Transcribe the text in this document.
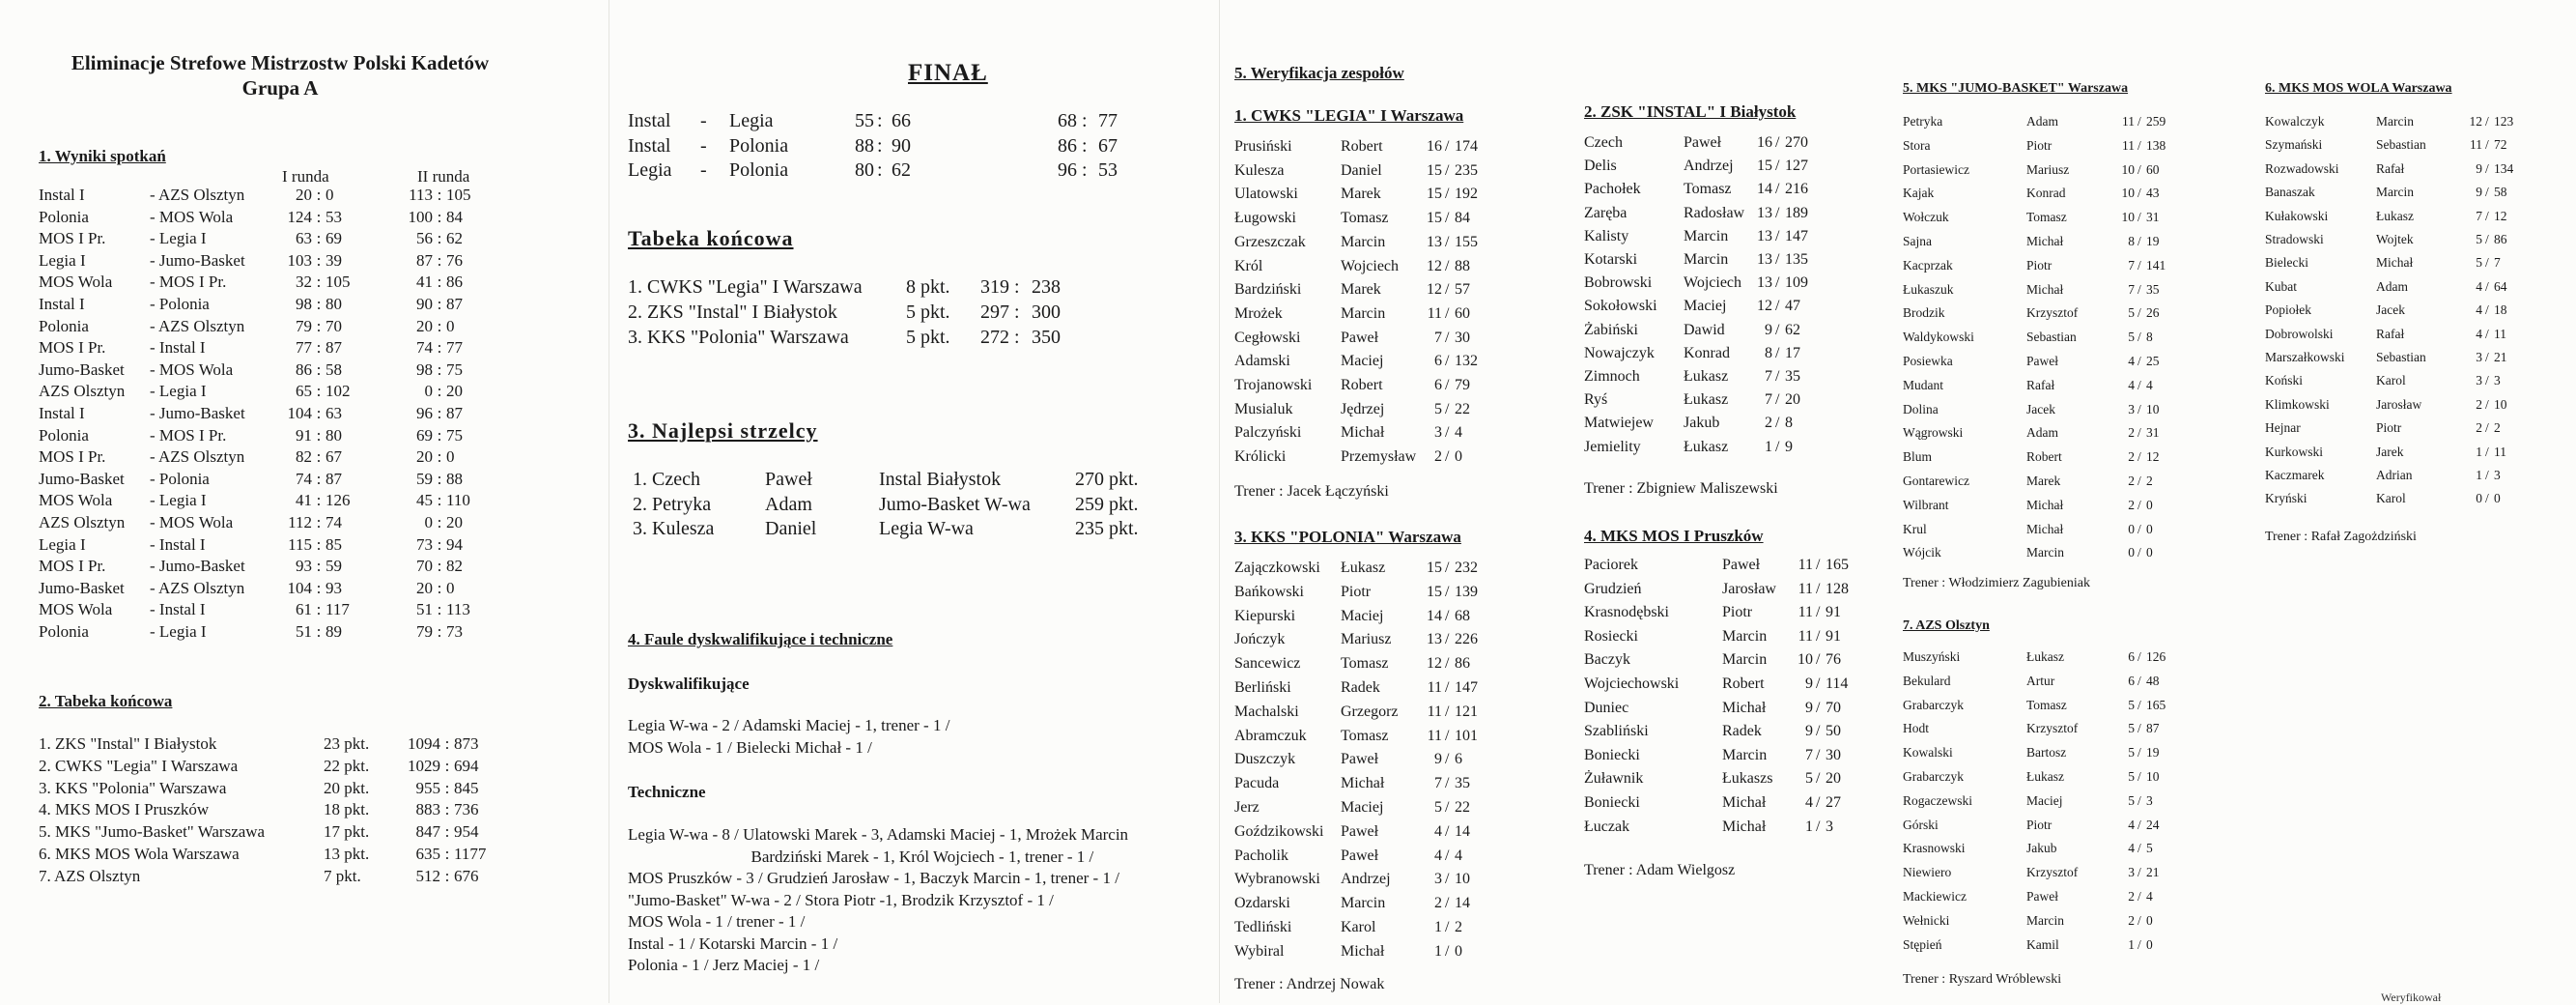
Eliminacje Strefowe Mistrzostw Polski Kadetów
Grupa A
1. Wyniki spotkań
I runda	II runda
Instal I	- AZS Olsztyn	20 : 0	113 : 105
Polonia	- MOS Wola	124 : 53	100 : 84
MOS I Pr.	- Legia I	63 : 69	56 : 62
Legia I	- Jumo-Basket	103 : 39	87 : 76
MOS Wola - MOS I Pr.	32 : 105	41 : 86
Instal I	- Polonia	98 : 80	90 : 87
Polonia	- AZS Olsztyn	79 : 70	20 : 0
MOS I Pr.	- Instal I	77 : 87	74 : 77
Jumo-Basket - MOS Wola	86 : 58	98 : 75
AZS Olsztyn - Legia I	65 : 102	0 : 20
Instal I	- Jumo-Basket	104 : 63	96 : 87
Polonia	- MOS I Pr.	91 : 80	69 : 75
MOS I Pr.	- AZS Olsztyn	82 : 67	20 : 0
Jumo-Basket - Polonia	74 : 87	59 : 88
MOS Wola - Legia I	41 : 126	45 : 110
AZS Olsztyn - MOS Wola	112 : 74	0 : 20
Legia I	- Instal I	115 : 85	73 : 94
MOS I Pr.	- Jumo-Basket	93 : 59	70 : 82
Jumo-Basket - AZS Olsztyn	104 : 93	20 : 0
MOS Wola - Instal I	61 : 117	51 : 113
Polonia	- Legia I	51 : 89	79 : 73
2. Tabeka końcowa
1. ZKS "Instal" I Białystok	23 pkt.	1094 : 873
2. CWKS "Legia" I Warszawa	22 pkt.	1029 : 694
3. KKS "Polonia" Warszawa	20 pkt.	955 : 845
4. MKS MOS I Pruszków	18 pkt.	883 : 736
5. MKS "Jumo-Basket" Warszawa	17 pkt.	847 : 954
6. MKS MOS Wola Warszawa	13 pkt.	635 : 1177
7. AZS Olsztyn	7 pkt.	512 : 676
FINAŁ
Instal - Legia	55 : 66	68 : 77
Instal - Polonia	88 : 90	86 : 67
Legia - Polonia	80 : 62	96 : 53
Tabeka końcowa
1. CWKS "Legia" I Warszawa 8 pkt.	319 : 238
2. ZKS "Instal" I Białystok	5 pkt.	297 : 300
3. KKS "Polonia" Warszawa	5 pkt.	272 : 350
3. Najlepsi strzelcy
1. Czech	Paweł	Instal Białystok	270 pkt.
2. Petryka	Adam	Jumo-Basket W-wa 259 pkt.
3. Kulesza	Daniel	Legia W-wa	235 pkt.
4. Faule dyskwalifikujące i techniczne
Dyskwalifikujące
Legia W-wa - 2 / Adamski Maciej - 1, trener - 1 /
MOS Wola - 1 / Bielecki Michał - 1 /
Techniczne
Legia W-wa - 8 / Ulatowski Marek - 3, Adamski Maciej - 1, Mrożek Marcin
Bardziński Marek - 1, Król Wojciech - 1, trener - 1 /
MOS Pruszków - 3 / Grudzień Jarosław - 1, Baczyk Marcin - 1, trener - 1 /
"Jumo-Basket" W-wa - 2 / Stora Piotr -1, Brodzik Krzysztof - 1 /
MOS Wola - 1 / trener - 1 /
Instal - 1 / Kotarski Marcin - 1 /
Polonia - 1 / Jerz Maciej - 1 /
5. Weryfikacja zespołów
1. CWKS "LEGIA" I Warszawa
Prusiński	Robert	16 / 174
Kulesza	Daniel	15 / 235
Ulatowski	Marek	15 / 192
Ługowski	Tomasz	15 / 84
Grzeszczak Marcin	13 / 155
Król	Wojciech	12 / 88
Bardziński	Marek	12 / 57
Mrożek	Marcin	11 / 60
Cegłowski	Paweł	7 / 30
Adamski	Maciej	6 / 132
Trojanowski Robert	6 / 79
Musialuk	Jędrzej	5 / 22
Palczyński	Michał	3 / 4
Królicki	Przemysław	2 / 0
Trener : Jacek Łączyński
3. KKS "POLONIA" Warszawa
Zajączkowski Łukasz	15 / 232
Bańkowski Piotr	15 / 139
Kiepurski	Maciej	14 / 68
Jończyk	Mariusz	13 / 226
Sancewicz	Tomasz	12 / 86
Berliński	Radek	11 / 147
Machalski	Grzegorz	11 / 121
Abramczuk Tomasz	11 / 101
Duszczyk	Paweł	9 / 6
Pacuda	Michał	7 / 35
Jerz	Maciej	5 / 22
Goździkowski Paweł	4 / 14
Pacholik	Paweł	4 / 4
Wybranowski Andrzej	3 / 10
Ozdarski	Marcin	2 / 14
Tedliński	Karol	1 / 2
Wybiral	Michał	1 / 0
Trener : Andrzej Nowak
2. ZSK "INSTAL" I Białystok
Czech	Paweł	16 / 270
Delis	Andrzej	15 / 127
Pachołek	Tomasz	14 / 216
Zaręba	Radosław 13 / 189
Kalisty	Marcin	13 / 147
Kotarski	Marcin	13 / 135
Bobrowski Wojciech 13 / 109
Sokołowski Maciej	12 / 47
Żabiński	Dawid	9 / 62
Nowajczyk Konrad	8 / 17
Zimnoch	Łukasz	7 / 35
Ryś	Łukasz	7 / 20
Matwiejew Jakub	2 / 8
Jemielity	Łukasz	1 / 9
Trener : Zbigniew Maliszewski
4. MKS MOS I Pruszków
Paciorek	Paweł	11 / 165
Grudzień	Jarosław	11 / 128
Krasnodębski	Piotr	11 / 91
Rosiecki	Marcin	11 / 91
Baczyk	Marcin	10 / 76
Wojciechowski	Robert	9 / 114
Duniec	Michał	9 / 70
Szabliński	Radek	9 / 50
Boniecki	Marcin	7 / 30
Żuławnik	Łukaszs	5 / 20
Boniecki	Michał	4 / 27
Łuczak	Michał	1 / 3
Trener : Adam Wielgosz
5. MKS "JUMO-BASKET" Warszawa
Petryka	Adam	11 / 259
Stora	Piotr	11 / 138
Portasiewicz	Mariusz	10 / 60
Kajak	Konrad	10 / 43
Wołczuk	Tomasz	10 / 31
Sajna	Michał	8 / 19
Kacprzak	Piotr	7 / 141
Łukaszuk	Michał	7 / 35
Brodzik	Krzysztof	5 / 26
Waldykowski	Sebastian	5 / 8
Posiewka	Paweł	4 / 25
Mudant	Rafał	4 / 4
Dolina	Jacek	3 / 10
Wągrowski	Adam	2 / 31
Blum	Robert	2 / 12
Gontarewicz	Marek	2 / 2
Wilbrant	Michał	2 / 0
Krul	Michał	0 / 0
Wójcik	Marcin	0 / 0
Trener : Włodzimierz Zagubieniak
7. AZS Olsztyn
Muszyński	Łukasz	6 / 126
Bekulard	Artur	6 / 48
Grabarczyk	Tomasz	5 / 165
Hodt	Krzysztof	5 / 87
Kowalski	Bartosz	5 / 19
Grabarczyk	Łukasz	5 / 10
Rogaczewski	Maciej	5 / 3
Górski	Piotr	4 / 24
Krasnowski	Jakub	4 / 5
Niewiero	Krzysztof	3 / 21
Mackiewicz	Paweł	2 / 4
Wełnicki	Marcin	2 / 0
Stępień	Kamil	1 / 0
Trener : Ryszard Wróblewski
6. MKS MOS WOLA Warszawa
Kowalczyk	Marcin	12 / 123
Szymański	Sebastian	11 / 72
Rozwadowski	Rafał	9 / 134
Banaszak	Marcin	9 / 58
Kułakowski	Łukasz	7 / 12
Stradowski	Wojtek	5 / 86
Bielecki	Michał	5 / 7
Kubat	Adam	4 / 64
Popiołek	Jacek	4 / 18
Dobrowolski	Rafał	4 / 11
Marszałkowski Sebastian	3 / 21
Koński	Karol	3 / 3
Klimkowski	Jarosław	2 / 10
Hejnar	Piotr	2 / 2
Kurkowski	Jarek	1 / 11
Kaczmarek	Adrian	1 / 3
Kryński	Karol	0 / 0
Trener : Rafał Zagożdziński
Weryfikował
